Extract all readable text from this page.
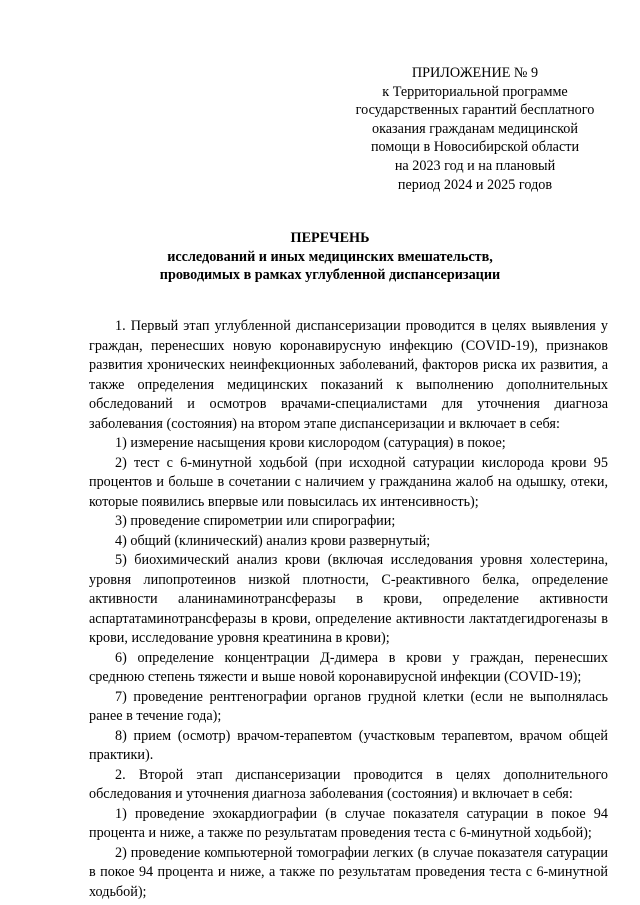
ПРИЛОЖЕНИЕ № 9
к Территориальной программе
государственных гарантий бесплатного
оказания гражданам медицинской
помощи в Новосибирской области
на 2023 год и на плановый
период 2024 и 2025 годов
ПЕРЕЧЕНЬ
исследований и иных медицинских вмешательств,
проводимых в рамках углубленной диспансеризации

1. Первый этап углубленной диспансеризации проводится в целях выявления у граждан, перенесших новую коронавирусную инфекцию (COVID-19), признаков развития хронических неинфекционных заболеваний, факторов риска их развития, а также определения медицинских показаний к выполнению дополнительных обследований и осмотров врачами-специалистами для уточнения диагноза заболевания (состояния) на втором этапе диспансеризации и включает в себя:

1) измерение насыщения крови кислородом (сатурация) в покое;

2) тест с 6-минутной ходьбой (при исходной сатурации кислорода крови 95 процентов и больше в сочетании с наличием у гражданина жалоб на одышку, отеки, которые появились впервые или повысилась их интенсивность);

3) проведение спирометрии или спирографии;

4) общий (клинический) анализ крови развернутый;

5) биохимический анализ крови (включая исследования уровня холестерина, уровня липопротеинов низкой плотности, С-реактивного белка, определение активности аланинаминотрансферазы в крови, определение активности аспартатаминотрансферазы в крови, определение активности лактатдегидрогеназы в крови, исследование уровня креатинина в крови);

6) определение концентрации Д-димера в крови у граждан, перенесших среднюю степень тяжести и выше новой коронавирусной инфекции (COVID-19);

7) проведение рентгенографии органов грудной клетки (если не выполнялась ранее в течение года);

8) прием (осмотр) врачом-терапевтом (участковым терапевтом, врачом общей практики).

2. Второй этап диспансеризации проводится в целях дополнительного обследования и уточнения диагноза заболевания (состояния) и включает в себя:

1) проведение эхокардиографии (в случае показателя сатурации в покое 94 процента и ниже, а также по результатам проведения теста с 6-минутной ходьбой);

2) проведение компьютерной томографии легких (в случае показателя сатурации в покое 94 процента и ниже, а также по результатам проведения теста с 6-минутной ходьбой);
